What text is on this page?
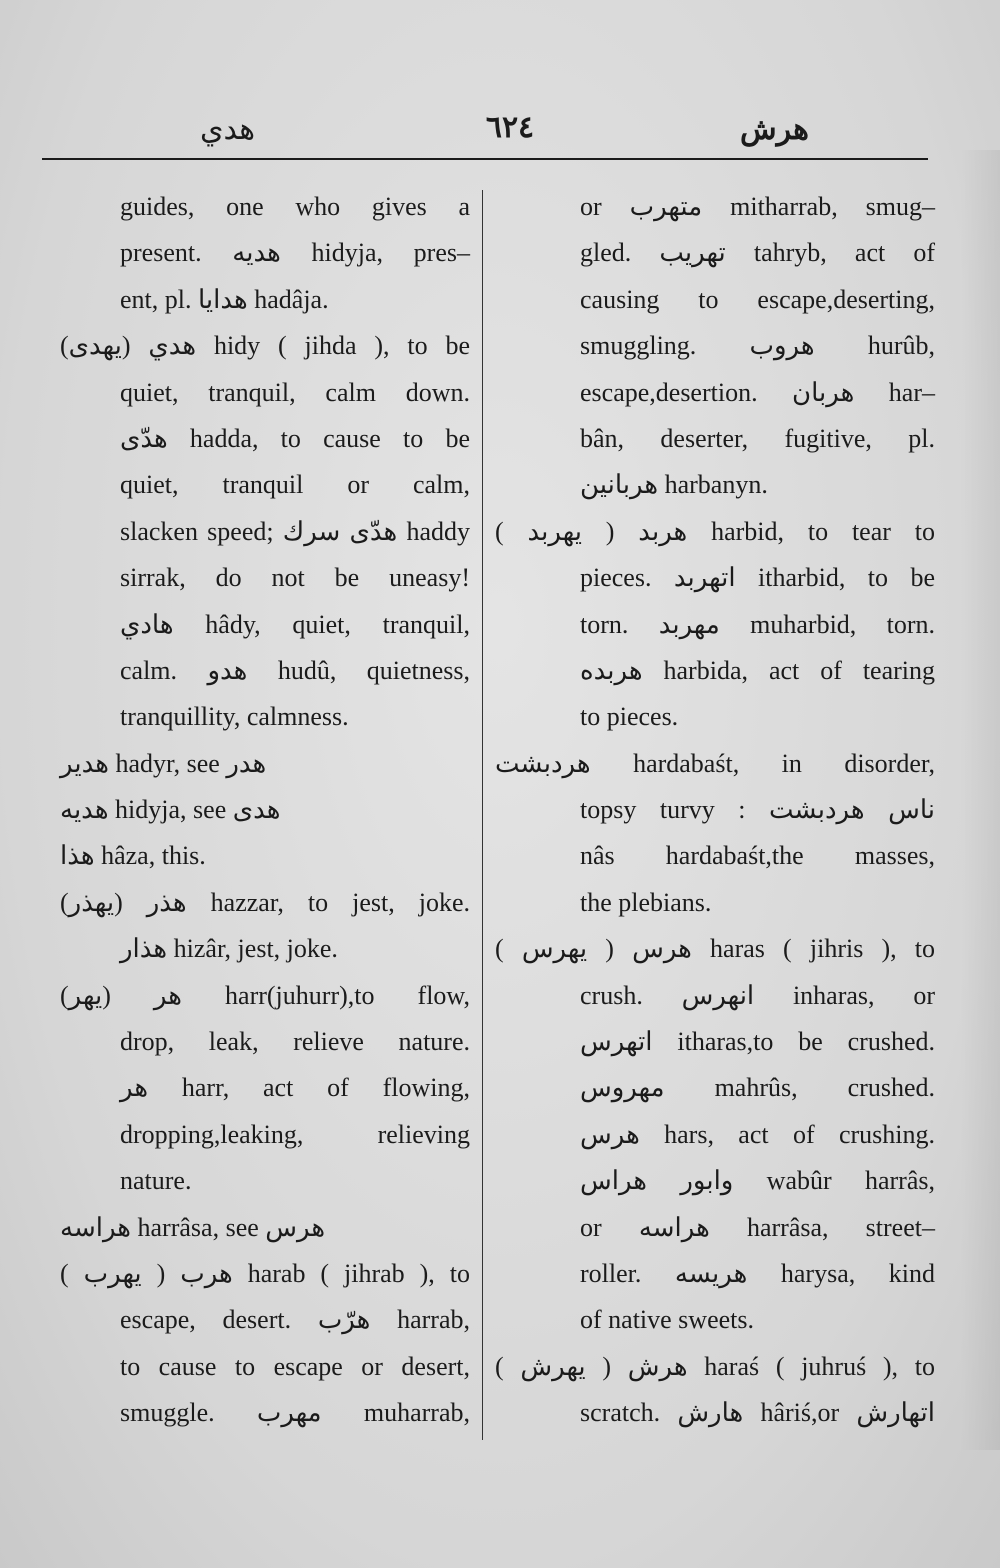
هدي	٦٢٤	هرش
guides, one who gives a
present. هدیه hidyja, pres–
ent, pl. هدایا hadâja.
هدي (يهدى) hidy ( jihda ), to be
quiet, tranquil, calm down.
هدّى hadda, to cause to be
quiet, tranquil or calm,
slacken speed; هدّى سرك haddy
sirrak, do not be uneasy!
هادي hâdy, quiet, tranquil,
calm. هدو hudû, quietness,
tranquillity, calmness.
هدير hadyr, see هدر
هديه hidyja, see هدى
هذا hâza, this.
هذر (يهذر) hazzar, to jest, joke.
هذار hizâr, jest, joke.
هر (يهر) harr(juhurr),to flow,
drop, leak, relieve nature.
هر harr, act of flowing,
dropping,leaking, relieving
nature.
هراسه harrâsa, see هرس
هرب ( يهرب ) harab ( jihrab ), to
escape, desert. هرّب harrab,
to cause to escape or desert,
smuggle. مهرب muharrab,
or متهرب mitharrab, smug–
gled. تهريب tahryb, act of
causing to escape,deserting,
smuggling. هروب hurûb,
escape,desertion. هربان har–
bân, deserter, fugitive, pl.
هربانين harbanyn.
هربد ( يهربد ) harbid, to tear to
pieces. اتهربد itharbid, to be
torn. مهربد muharbid, torn.
هربده harbida, act of tearing
to pieces.
هردبشت hardabaśt, in disorder,
topsy turvy : ناس هردبشت
nâs hardabaśt,the masses,
the plebians.
هرس ( يهرس ) haras ( jihris ), to
crush. انهرس inharas, or
اتهرس itharas,to be crushed.
مهروس mahrûs, crushed.
هرس hars, act of crushing.
وابور هراس wabûr harrâs,
or هراسه harrâsa, street–
roller. هريسه harysa, kind
of native sweets.
هرش ( يهرش ) haraś ( juhruś ), to
scratch. هارش hâriś,or اتهارش
